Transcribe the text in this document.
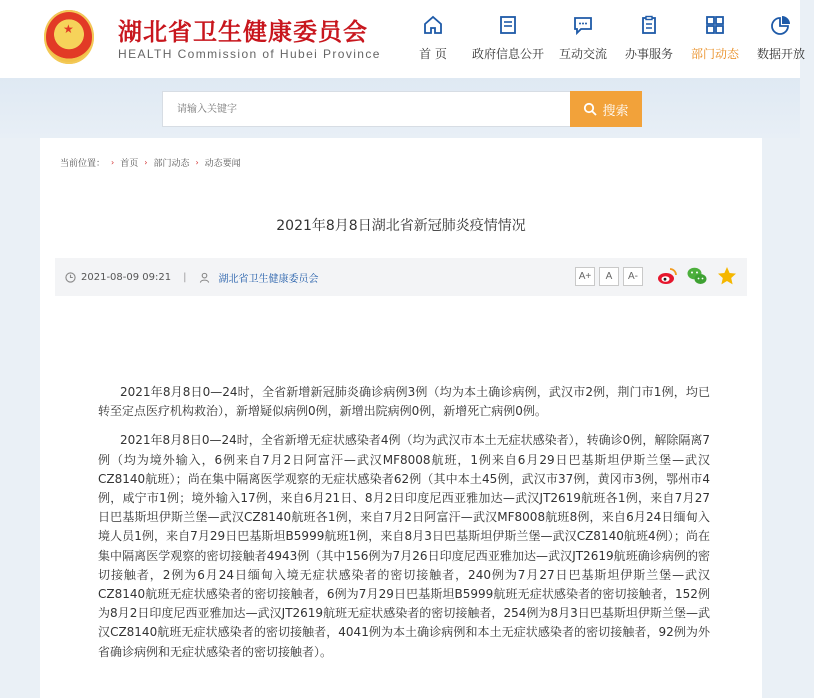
★ 湖北省卫生健康委员会
HEALTH Commission of Hubei Province	首 页	政府信息公开	互动交流	办事服务	部门动态	数据开放
请输入关键字
搜索
当前位置： › 首页 › 部门动态 › 动态要闻
2021年8月8日湖北省新冠肺炎疫情情况
2021-08-09 09:21 |	湖北省卫生健康委员会	A+	A	A-

2021年8月8日0—24时，全省新增新冠肺炎确诊病例3例（均为本土确诊病例，武汉市2例，荆门市1例，均已转至定点医疗机构救治），新增疑似病例0例，新增出院病例0例，新增死亡病例0例。

2021年8月8日0—24时，全省新增无症状感染者4例（均为武汉市本土无症状感染者），转确诊0例，解除隔离7例（均为境外输入，6例来自7月2日阿富汗—武汉MF8008航班，1例来自6月29日巴基斯坦伊斯兰堡—武汉CZ8140航班）；尚在集中隔离医学观察的无症状感染者62例（其中本土45例，武汉市37例，黄冈市3例，鄂州市4例，咸宁市1例；境外输入17例，来自6月21日、8月2日印度尼西亚雅加达—武汉JT2619航班各1例，来自7月27日巴基斯坦伊斯兰堡—武汉CZ8140航班各1例，来自7月2日阿富汗—武汉MF8008航班8例，来自6月24日缅甸入境人员1例，来自7月29日巴基斯坦B5999航班1例，来自8月3日巴基斯坦伊斯兰堡—武汉CZ8140航班4例）；尚在集中隔离医学观察的密切接触者4943例（其中156例为7月26日印度尼西亚雅加达—武汉JT2619航班确诊病例的密切接触者，2例为6月24日缅甸入境无症状感染者的密切接触者，240例为7月27日巴基斯坦伊斯兰堡—武汉CZ8140航班无症状感染者的密切接触者，6例为7月29日巴基斯坦B5999航班无症状感染者的密切接触者，152例为8月2日印度尼西亚雅加达—武汉JT2619航班无症状感染者的密切接触者，254例为8月3日巴基斯坦伊斯兰堡—武汉CZ8140航班无症状感染者的密切接触者，4041例为本土确诊病例和本土无症状感染者的密切接触者，92例为外省确诊病例和无症状感染者的密切接触者）。
